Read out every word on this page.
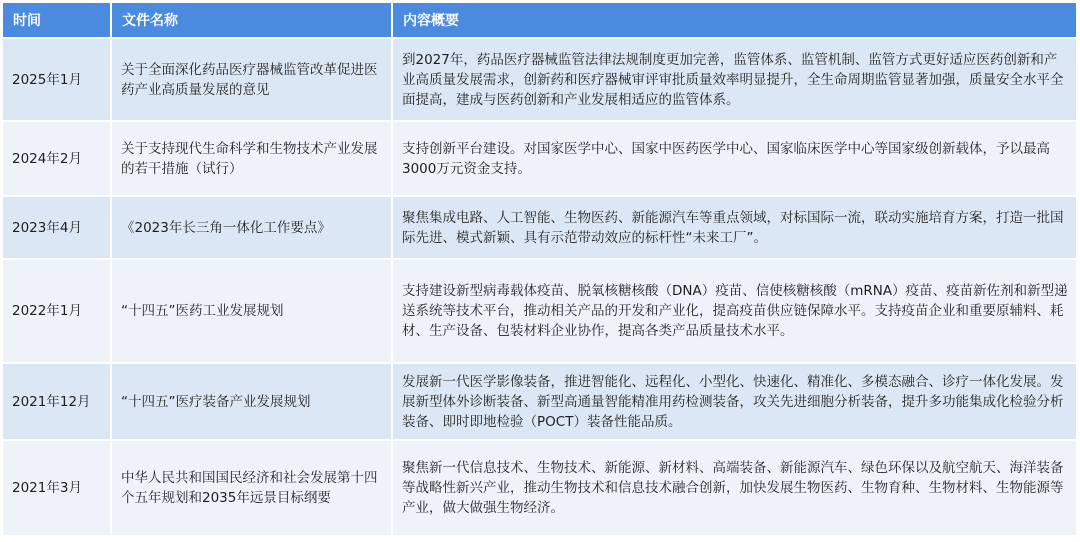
时间	文件名称	内容概要
2025年1月	关于全面深化药品医疗器械监管改革促进医药产业高质量发展的意见	到2027年，药品医疗器械监管法律法规制度更加完善，监管体系、监管机制、监管方式更好适应医药创新和产业高质量发展需求，创新药和医疗器械审评审批质量效率明显提升，全生命周期监管显著加强，质量安全水平全面提高，建成与医药创新和产业发展相适应的监管体系。
2024年2月	关于支持现代生命科学和生物技术产业发展的若干措施（试行）	支持创新平台建设。对国家医学中心、国家中医药医学中心、国家临床医学中心等国家级创新载体，予以最高3000万元资金支持。
2023年4月	《2023年长三角一体化工作要点》	聚焦集成电路、人工智能、生物医药、新能源汽车等重点领域，对标国际一流，联动实施培育方案，打造一批国际先进、模式新颖、具有示范带动效应的标杆性“未来工厂”。
2022年1月	“十四五”医药工业发展规划	支持建设新型病毒载体疫苗、脱氧核糖核酸（DNA）疫苗、信使核糖核酸（mRNA）疫苗、疫苗新佐剂和新型递送系统等技术平台，推动相关产品的开发和产业化，提高疫苗供应链保障水平。支持疫苗企业和重要原辅料、耗材、生产设备、包装材料企业协作，提高各类产品质量技术水平。
2021年12月	“十四五”医疗装备产业发展规划	发展新一代医学影像装备，推进智能化、远程化、小型化、快速化、精准化、多模态融合、诊疗一体化发展。发展新型体外诊断装备、新型高通量智能精准用药检测装备，攻关先进细胞分析装备，提升多功能集成化检验分析装备、即时即地检验（POCT）装备性能品质。
2021年3月	中华人民共和国国民经济和社会发展第十四个五年规划和2035年远景目标纲要	聚焦新一代信息技术、生物技术、新能源、新材料、高端装备、新能源汽车、绿色环保以及航空航天、海洋装备等战略性新兴产业，推动生物技术和信息技术融合创新，加快发展生物医药、生物育种、生物材料、生物能源等产业，做大做强生物经济。
